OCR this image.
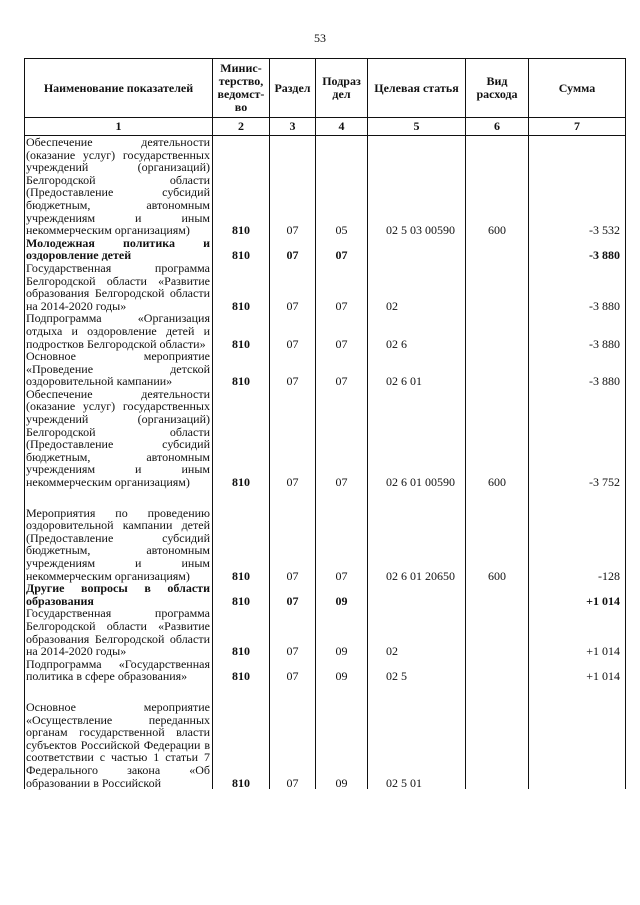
53
Наименование показателей	Минис-терство, ведомст-во	Раздел	Подраз дел	Целевая статья	Вид расхода	Сумма
1	2	3	4	5	6	7
Обеспечение деятельности (оказание услуг) государственных учреждений (организаций) Белгородской области (Предоставление субсидий бюджетным, автономным учреждениям и иным некоммерческим организациям)	810	07	05	02 5 03 00590	600	-3 532
Молодежная политика и оздоровление детей	810	07	07			-3 880
Государственная программа Белгородской области «Развитие образования Белгородской области на 2014-2020 годы»	810	07	07	02		-3 880
Подпрограмма «Организация отдыха и оздоровление детей и подростков Белгородской области»	810	07	07	02 6		-3 880
Основное мероприятие «Проведение детской оздоровительной кампании»	810	07	07	02 6 01		-3 880
Обеспечение деятельности (оказание услуг) государственных учреждений (организаций) Белгородской области (Предоставление субсидий бюджетным, автономным учреждениям и иным некоммерческим организациям)	810	07	07	02 6 01 00590	600	-3 752

Мероприятия по проведению оздоровительной кампании детей (Предоставление субсидий бюджетным, автономным учреждениям и иным некоммерческим организациям)	810	07	07	02 6 01 20650	600	-128
Другие вопросы в области образования	810	07	09			+1 014
Государственная программа Белгородской области «Развитие образования Белгородской области на 2014-2020 годы»	810	07	09	02		+1 014
Подпрограмма «Государственная политика в сфере образования»	810	07	09	02 5		+1 014

Основное мероприятие «Осуществление переданных органам государственной власти субъектов Российской Федерации в соответствии с частью 1 статьи 7 Федерального закона «Об образовании в Российской	810	07	09	02 5 01		
